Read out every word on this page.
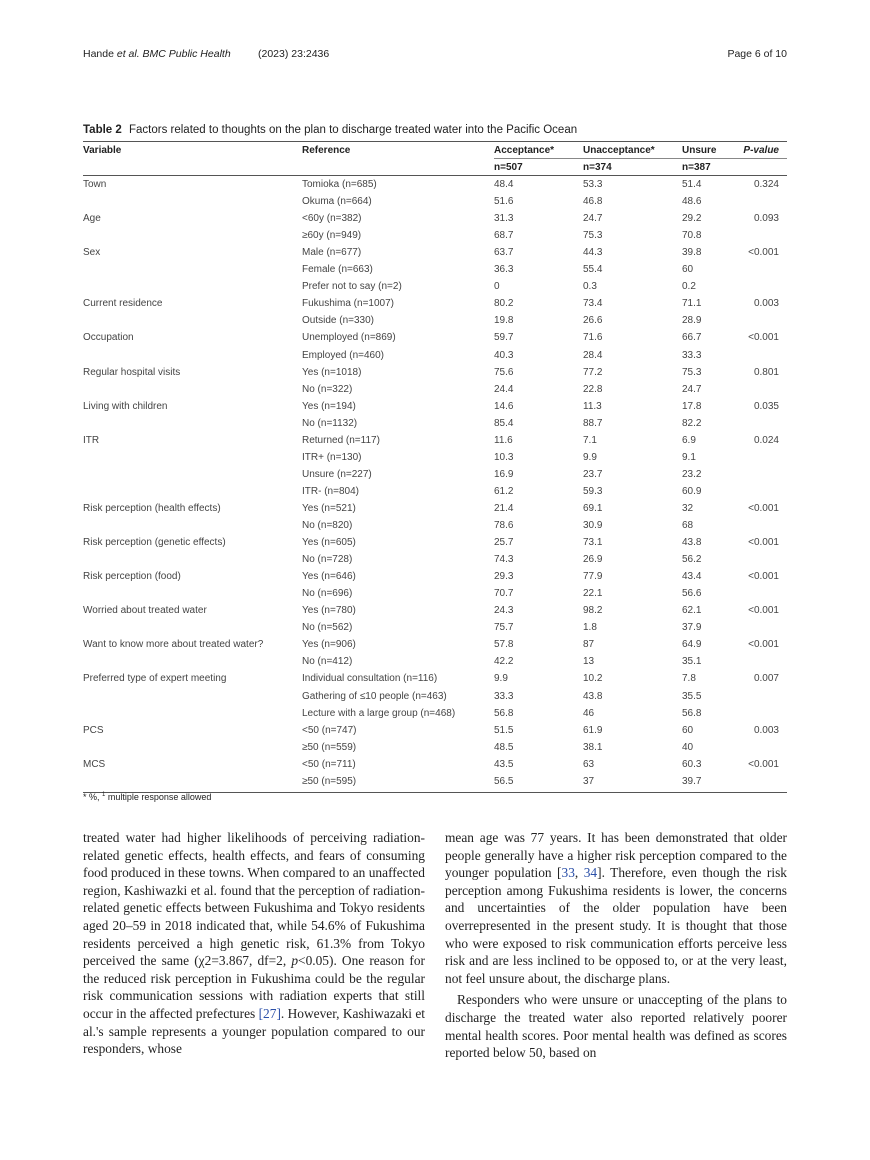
Hande et al. BMC Public Health	(2023) 23:2436	Page 6 of 10
Table 2 Factors related to thoughts on the plan to discharge treated water into the Pacific Ocean
Variable	Reference	Acceptance*	Unacceptance*	Unsure	P-value
n=507	n=374	n=387
Town	Tomioka (n=685)	48.4	53.3	51.4	0.324
Okuma (n=664)	51.6	46.8	48.6
Age	<60y (n=382)	31.3	24.7	29.2	0.093
≥60y (n=949)	68.7	75.3	70.8
Sex	Male (n=677)	63.7	44.3	39.8	<0.001
Female (n=663)	36.3	55.4	60
Prefer not to say (n=2)	0	0.3	0.2
Current residence	Fukushima (n=1007)	80.2	73.4	71.1	0.003
Outside (n=330)	19.8	26.6	28.9
Occupation	Unemployed (n=869)	59.7	71.6	66.7	<0.001
Employed (n=460)	40.3	28.4	33.3
Regular hospital visits	Yes (n=1018)	75.6	77.2	75.3	0.801
No (n=322)	24.4	22.8	24.7
Living with children	Yes (n=194)	14.6	11.3	17.8	0.035
No (n=1132)	85.4	88.7	82.2
ITR	Returned (n=117)	11.6	7.1	6.9	0.024
ITR+ (n=130)	10.3	9.9	9.1
Unsure (n=227)	16.9	23.7	23.2
ITR- (n=804)	61.2	59.3	60.9
Risk perception (health effects)	Yes (n=521)	21.4	69.1	32	<0.001
No (n=820)	78.6	30.9	68
Risk perception (genetic effects)	Yes (n=605)	25.7	73.1	43.8	<0.001
No (n=728)	74.3	26.9	56.2
Risk perception (food)	Yes (n=646)	29.3	77.9	43.4	<0.001
No (n=696)	70.7	22.1	56.6
Worried about treated water	Yes (n=780)	24.3	98.2	62.1	<0.001
No (n=562)	75.7	1.8	37.9
Want to know more about treated water?	Yes (n=906)	57.8	87	64.9	<0.001
No (n=412)	42.2	13	35.1
Preferred type of expert meeting	Individual consultation (n=116)	9.9	10.2	7.8	0.007
Gathering of ≤10 people (n=463)	33.3	43.8	35.5
Lecture with a large group (n=468)	56.8	46	56.8
PCS	<50 (n=747)	51.5	61.9	60	0.003
≥50 (n=559)	48.5	38.1	40
MCS	<50 (n=711)	43.5	63	60.3	<0.001
≥50 (n=595)	56.5	37	39.7
* %, $^1$ multiple response allowed

treated water had higher likelihoods of perceiving radiation-related genetic effects, health effects, and fears of consuming food produced in these towns. When compared to an unaffected region, Kashiwazki et al. found that the perception of radiation-related genetic effects between Fukushima and Tokyo residents aged 20–59 in 2018 indicated that, while 54.6% of Fukushima residents perceived a high genetic risk, 61.3% from Tokyo perceived the same (χ2=3.867, df=2, p<0.05). One reason for the reduced risk perception in Fukushima could be the regular risk communication sessions with radiation experts that still occur in the affected prefectures [27]. However, Kashiwazaki et al.'s sample represents a younger population compared to our responders, whose

mean age was 77 years. It has been demonstrated that older people generally have a higher risk perception compared to the younger population [33, 34]. Therefore, even though the risk perception among Fukushima residents is lower, the concerns and uncertainties of the older population have been overrepresented in the present study. It is thought that those who were exposed to risk communication efforts perceive less risk and are less inclined to be opposed to, or at the very least, not feel unsure about, the discharge plans.

Responders who were unsure or unaccepting of the plans to discharge the treated water also reported relatively poorer mental health scores. Poor mental health was defined as scores reported below 50, based on
